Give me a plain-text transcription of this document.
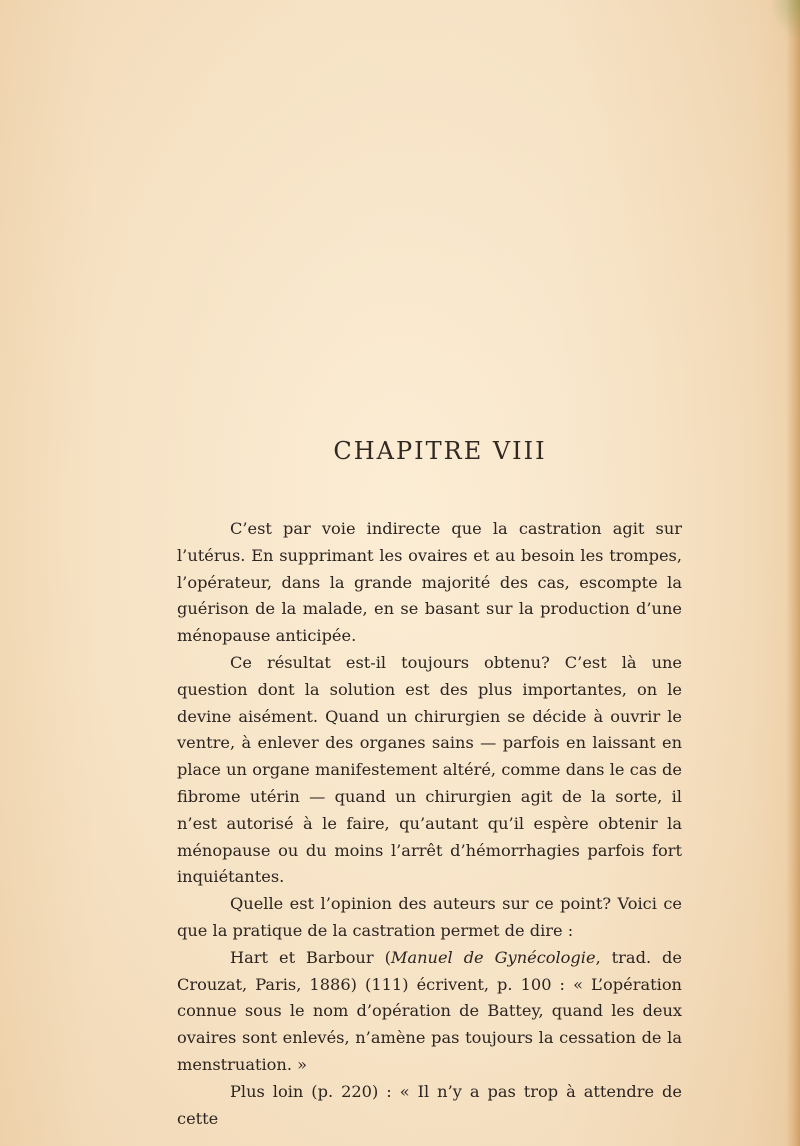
CHAPITRE VIII

C’est par voie indirecte que la castration agit sur l’utérus. En supprimant les ovaires et au besoin les trompes, l’opérateur, dans la grande majorité des cas, escompte la guérison de la malade, en se basant sur la production d’une ménopause anticipée.

Ce résultat est-il toujours obtenu? C’est là une question dont la solution est des plus importantes, on le devine aisément. Quand un chirurgien se décide à ouvrir le ventre, à enlever des organes sains — parfois en laissant en place un organe manifestement altéré, comme dans le cas de fibrome utérin — quand un chirurgien agit de la sorte, il n’est autorisé à le faire, qu’autant qu’il espère obtenir la ménopause ou du moins l’arrêt d’hémorrhagies parfois fort inquiétantes.

Quelle est l’opinion des auteurs sur ce point? Voici ce que la pratique de la castration permet de dire :

Hart et Barbour (Manuel de Gynécologie, trad. de Crouzat, Paris, 1886) (111) écrivent, p. 100 : « L’opération connue sous le nom d’opération de Battey, quand les deux ovaires sont enlevés, n’amène pas toujours la cessation de la menstruation. »

Plus loin (p. 220) : « Il n’y a pas trop à attendre de cette
